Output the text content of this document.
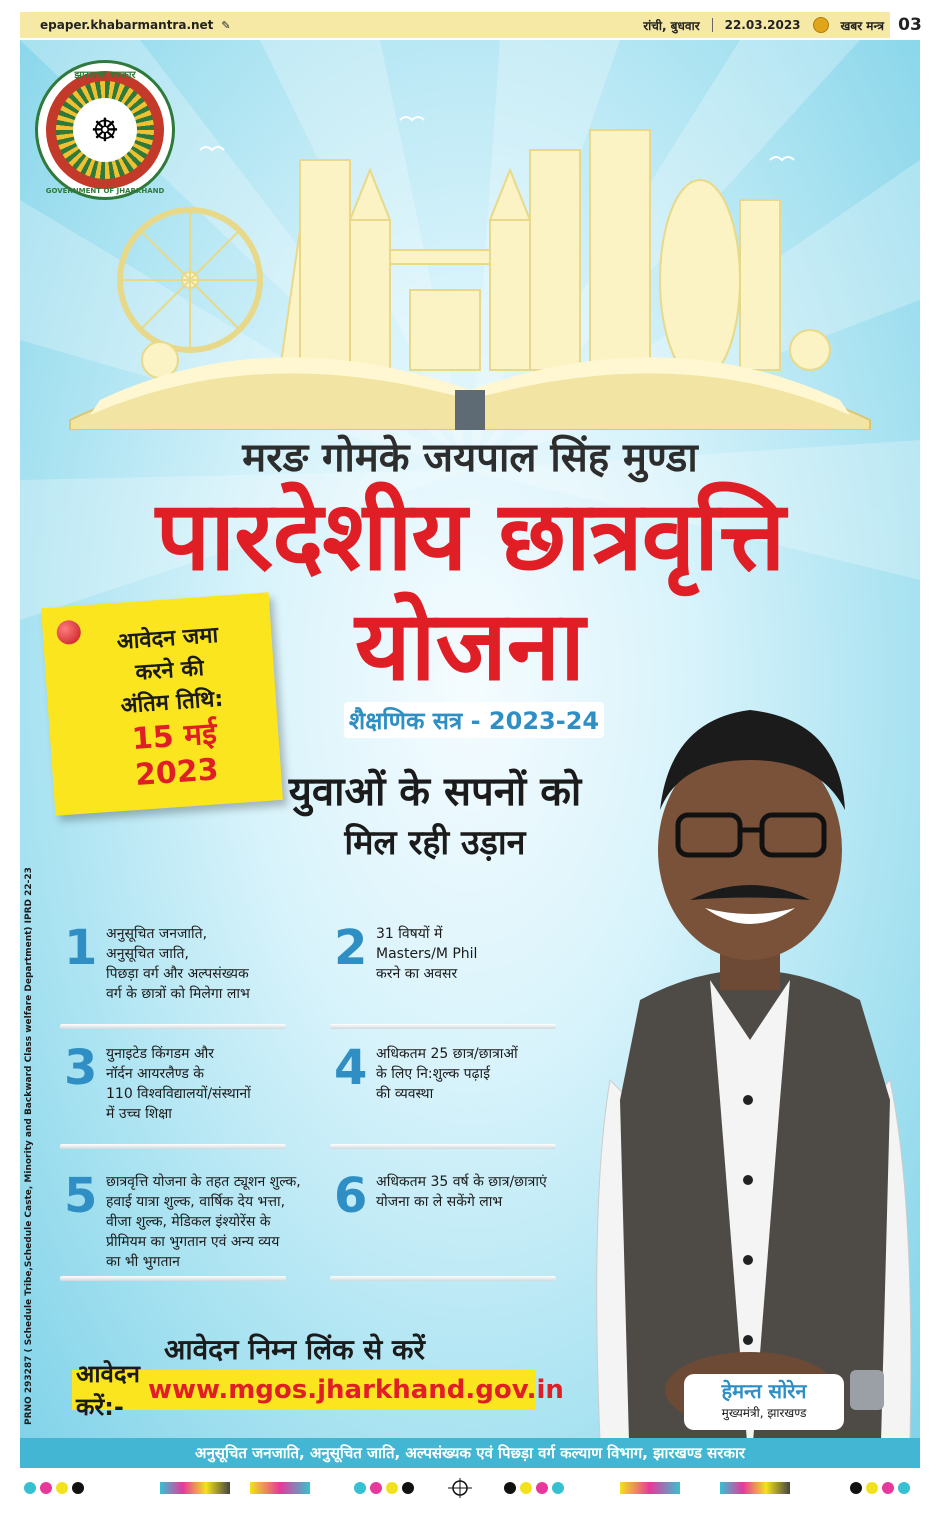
epaper.khabarmantra.net ✎	रांची, बुधवार 22.03.2023	खबर मन्त्र 03
☸
झारखण्ड सरकार
GOVERNMENT OF JHARKHAND
मरङ गोमके जयपाल सिंह मुण्डा
पारदेशीय छात्रवृत्ति
योजना
शैक्षणिक सत्र - 2023-24
युवाओं के सपनों को
मिल रही उड़ान
आवेदन जमा
करने की
अंतिम तिथि:
15 मई
2023
1 अनुसूचित जनजाति,
अनुसूचित जाति,
पिछड़ा वर्ग और अल्पसंख्यक
वर्ग के छात्रों को मिलेगा लाभ
2 31 विषयों में
Masters/M Phil
करने का अवसर
3 युनाइटेड किंगडम और
नॉर्दन आयरलैण्ड के
110 विश्वविद्यालयों/संस्थानों
में उच्च शिक्षा
4 अधिकतम 25 छात्र/छात्राओं
के लिए नि:शुल्क पढ़ाई
की व्यवस्था
5 छात्रवृत्ति योजना के तहत ट्यूशन शुल्क,
हवाई यात्रा शुल्क, वार्षिक देय भत्ता,
वीजा शुल्क, मेडिकल इंश्योरेंस के
प्रीमियम का भुगतान एवं अन्य व्यय
का भी भुगतान
6 अधिकतम 35 वर्ष के छात्र/छात्राएं
योजना का ले सकेंगे लाभ
आवेदन निम्न लिंक से करें
आवेदन करें:-
www.mgos.jharkhand.gov.in	हेमन्त सोरेन
मुख्यमंत्री, झारखण्ड
अनुसूचित जनजाति, अनुसूचित जाति, अल्पसंख्यक एवं पिछड़ा वर्ग कल्याण विभाग, झारखण्ड सरकार
PRNO 293287 ( Schedule Tribe,Schedule Caste, Minority and Backward Class welfare Department) IPRD 22-23
